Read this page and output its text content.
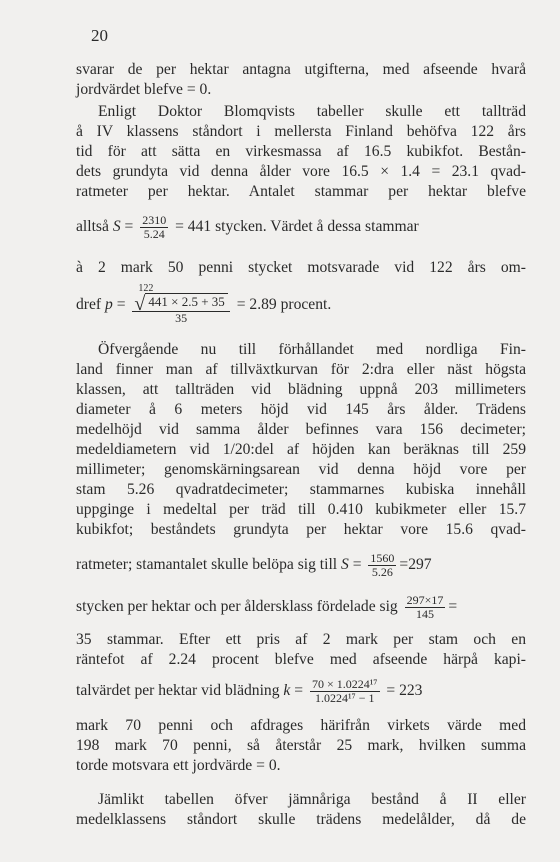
20
svarar de per hektar antagna utgifterna, med afseende hvarå
jordvärdet blefve = 0.
Enligt Doktor Blomqvists tabeller skulle ett tallträd
å IV klassens ståndort i mellersta Finland behöfva 122 års
tid för att sätta en virkesmassa af 16.5 kubikfot. Bestån-
dets grundyta vid denna ålder vore 16.5 × 1.4 = 23.1 qvad-
ratmeter per hektar. Antalet stammar per hektar blefve
alltså $S = \frac{2310}{5.24} = 441$ stycken. Värdet å dessa stammar
à 2 mark 50 penni stycket motsvarade vid 122 års om-
dref p = 122
√ 441 × 2.5 + 35
35 = 2.89 procent.
Öfvergående nu till förhållandet med nordliga Fin-
land finner man af tillväxtkurvan för 2:dra eller näst högsta
klassen, att tallträden vid blädning uppnå 203 millimeters
diameter å 6 meters höjd vid 145 års ålder. Trädens
medelhöjd vid samma ålder befinnes vara 156 decimeter;
medeldiametern vid 1/20:del af höjden kan beräknas till 259
millimeter; genomskärningsarean vid denna höjd vore per
stam 5.26 qvadratdecimeter; stammarnes kubiska innehåll
uppginge i medeltal per träd till 0.410 kubikmeter eller 15.7
kubikfot; beståndets grundyta per hektar vore 15.6 qvad-
ratmeter; stamantalet skulle belöpa sig till $S = \frac{1560}{5.26} =297$
stycken per hektar och per åldersklass fördelade sig $\frac{297\times 17}{145}$ =
35 stammar. Efter ett pris af 2 mark per stam och en
räntefot af 2.24 procent blefve med afseende härpå kapi-
talvärdet per hektar vid blädning $k = \frac{\text{70 × 1.0224¹⁷}}{\text{1.0224¹⁷ − 1}} = 223$
mark 70 penni och afdrages härifrån virkets värde med
198 mark 70 penni, så återstår 25 mark, hvilken summa
torde motsvara ett jordvärde = 0.
Jämlikt tabellen öfver jämnåriga bestånd å II eller
medelklassens ståndort skulle trädens medelålder, då de
